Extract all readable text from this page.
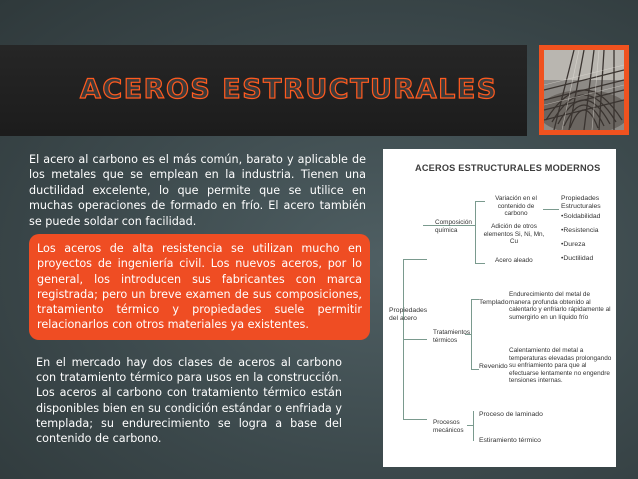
ACEROS ESTRUCTURALES

El acero al carbono es el más común, barato y aplicable de los metales que se emplean en la industria. Tienen una ductilidad excelente, lo que permite que se utilice en muchas operaciones de formado en frío. El acero también se puede soldar con facilidad.

Los aceros de alta resistencia se utilizan mucho en proyectos de ingeniería civil. Los nuevos aceros, por lo general, los introducen sus fabricantes con marca registrada; pero un breve examen de sus composiciones, tratamiento térmico y propiedades suele permitir relacionarlos con otros materiales ya existentes.

En el mercado hay dos clases de aceros al carbono con tratamiento térmico para usos en la construcción. Los aceros al carbono con tratamiento térmico están disponibles bien en su condición estándar o enfriada y templada; su endurecimiento se logra a base del contenido de carbono.

ACEROS ESTRUCTURALES MODERNOS
Composición química
Variación en el contenido de carbono
Adición de otros elementos Si, Ni, Mn, Cu
Acero aleado
Propiedades Estructurales
•Soldabilidad
•Resistencia
•Dureza
•Ductilidad
Propiedades del acero
Tratamientos térmicos
Templado
Endurecimiento del metal de manera profunda obtenido al calentarlo y enfriarlo rápidamente al sumergirlo en un líquido frío
Revenido
Calentamiento del metal a temperaturas elevadas prolongando su enfriamiento para que al efectuarse lentamente no engendre tensiones internas.
Procesos mecánicos
Proceso de laminado
Estiramiento térmico
